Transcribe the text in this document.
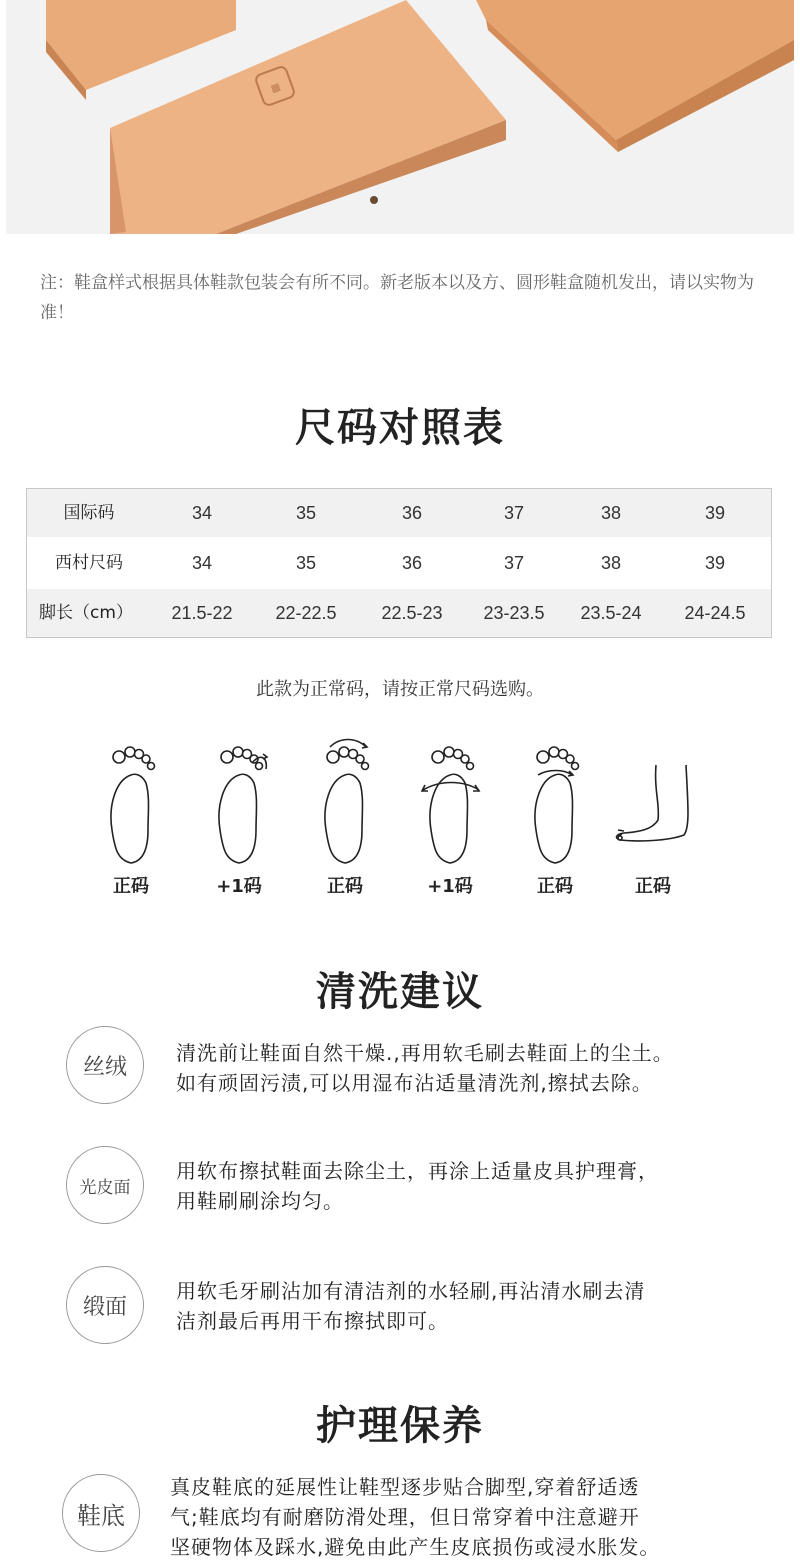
▦
注：鞋盒样式根据具体鞋款包装会有所不同。新老版本以及方、圆形鞋盒随机发出，请以实物为准！
尺码对照表
国际码	34	35	36	37	38	39
西村尺码	34	35	36	37	38	39
脚长（cm）	21.5-22	22-22.5	22.5-23	23-23.5	23.5-24	24-24.5
此款为正常码，请按正常尺码选购。
正码	+1码	正码	+1码	正码	正码
清洗建议
丝绒
清洗前让鞋面自然干燥.,再用软毛刷去鞋面上的尘土。
如有顽固污渍,可以用湿布沾适量清洗剂,擦拭去除。
光皮面
用软布擦拭鞋面去除尘土，再涂上适量皮具护理膏，
用鞋刷刷涂均匀。
缎面
用软毛牙刷沾加有清洁剂的水轻刷,再沾清水刷去清
洁剂最后再用干布擦拭即可。
护理保养
鞋底
真皮鞋底的延展性让鞋型逐步贴合脚型,穿着舒适透
气;鞋底均有耐磨防滑处理，但日常穿着中注意避开
坚硬物体及踩水,避免由此产生皮底损伤或浸水胀发。
